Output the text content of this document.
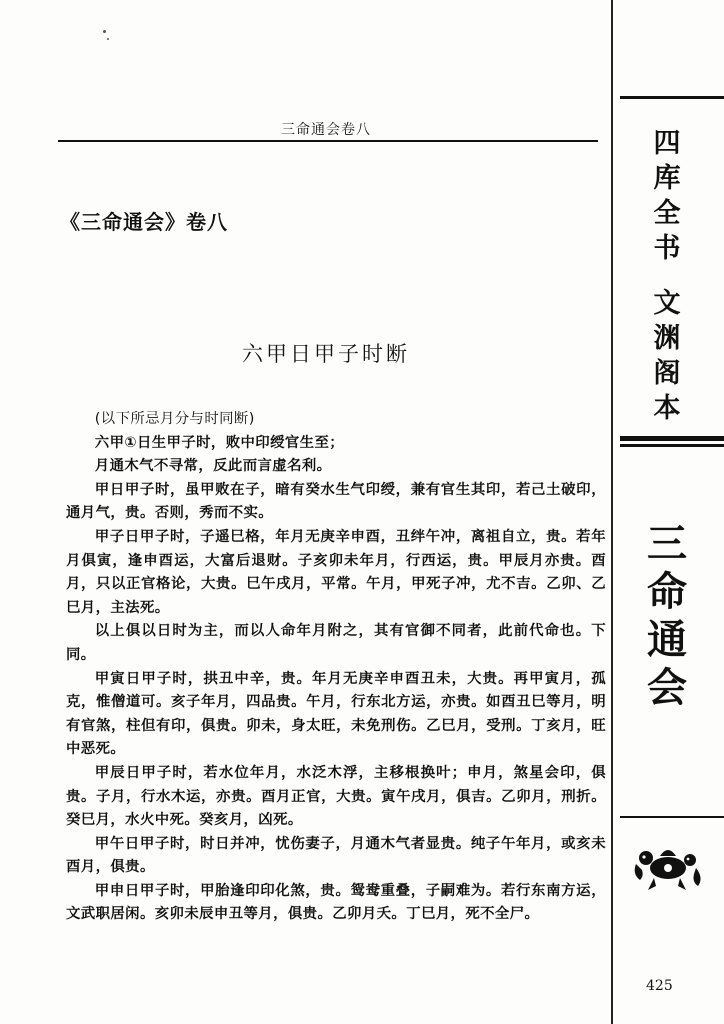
三命通会卷八
《三命通会》卷八
六甲日甲子时断

(以下所忌月分与时同断)

六甲①日生甲子时，败中印绶官生至；

月通木气不寻常，反此而言虚名利。

甲日甲子时，虽甲败在子，暗有癸水生气印绶，兼有官生其印，若己土破印，通月气，贵。否则，秀而不实。

甲子日甲子时，子遥巳格，年月无庚辛申酉，丑绊午冲，离祖自立，贵。若年月俱寅，逢申酉运，大富后退财。子亥卯未年月，行西运，贵。甲辰月亦贵。酉月，只以正官格论，大贵。巳午戌月，平常。午月，甲死子冲，尤不吉。乙卯、乙巳月，主法死。

以上俱以日时为主，而以人命年月附之，其有官御不同者，此前代命也。下同。

甲寅日甲子时，拱丑中辛，贵。年月无庚辛申酉丑未，大贵。再甲寅月，孤克，惟僧道可。亥子年月，四品贵。午月，行东北方运，亦贵。如酉丑巳等月，明有官煞，柱但有印，俱贵。卯未，身太旺，未免刑伤。乙巳月，受刑。丁亥月，旺中恶死。

甲辰日甲子时，若水位年月，水泛木浮，主移根换叶；申月，煞星会印，俱贵。子月，行水木运，亦贵。酉月正官，大贵。寅午戌月，俱吉。乙卯月，刑折。癸巳月，水火中死。癸亥月，凶死。

甲午日甲子时，时日并冲，忧伤妻子，月通木气者显贵。纯子午年月，或亥未酉月，俱贵。

甲申日甲子时，甲胎逢印印化煞，贵。鸳鸯重叠，子嗣难为。若行东南方运，文武职居闲。亥卯未辰申丑等月，俱贵。乙卯月夭。丁巳月，死不全尸。

四
库
全
书
文
渊
阁
本
三
命
通
会
425
